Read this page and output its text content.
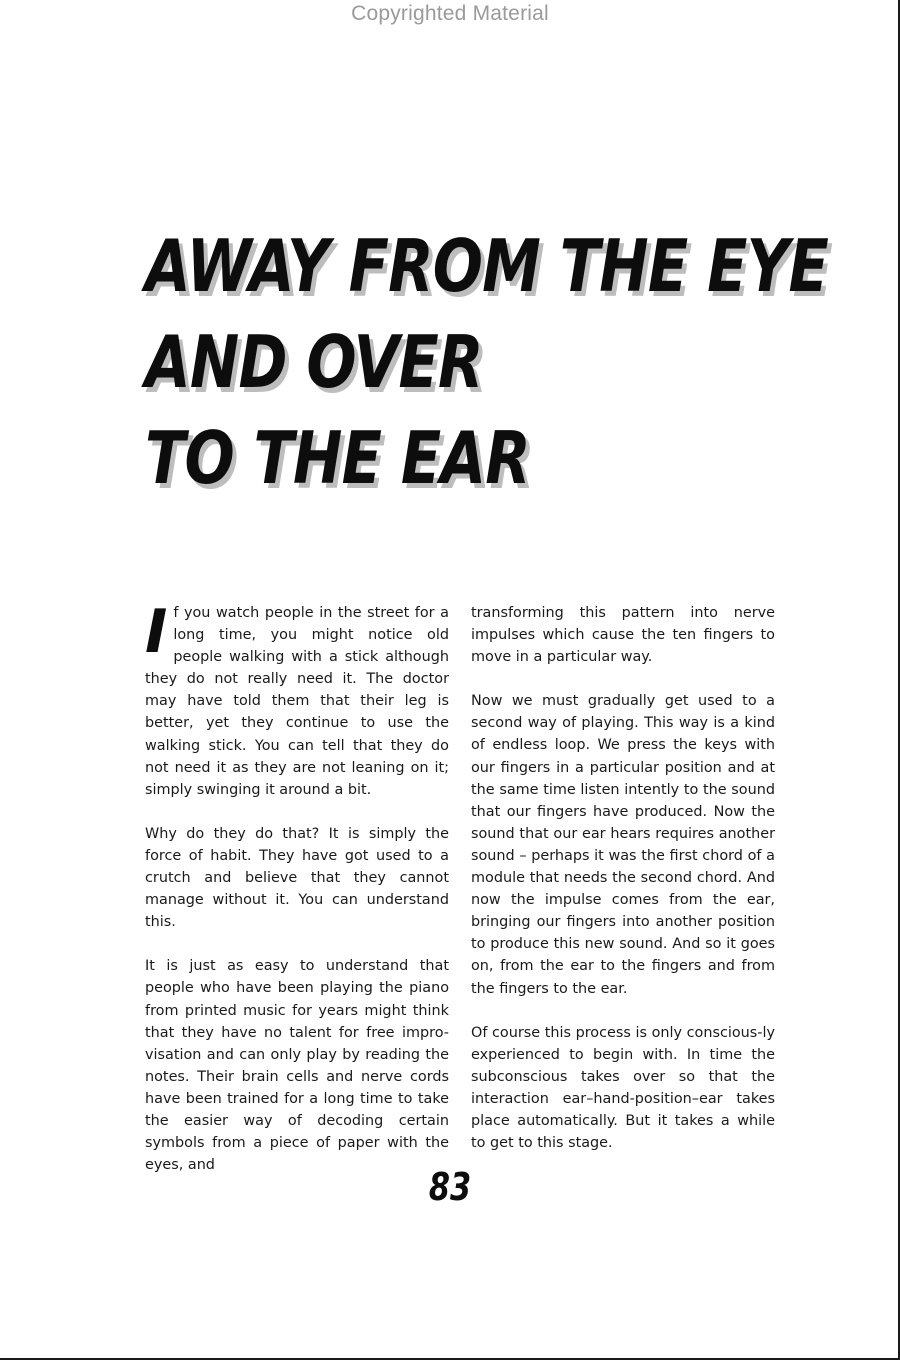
Copyrighted Material
AWAY FROM THE EYE
AND OVER
TO THE EAR

If you watch people in the street for a long time, you might notice old people walking with a stick although they do not really need it. The doctor may have told them that their leg is better, yet they continue to use the walking stick. You can tell that they do not need it as they are not leaning on it; simply swinging it around a bit.

Why do they do that? It is simply the force of habit. They have got used to a crutch and believe that they cannot manage without it. You can understand this.

It is just as easy to understand that people who have been playing the piano from printed music for years might think that they have no talent for free impro-visation and can only play by reading the notes. Their brain cells and nerve cords have been trained for a long time to take the easier way of decoding certain symbols from a piece of paper with the eyes, and

transforming this pattern into nerve impulses which cause the ten fingers to move in a particular way.

Now we must gradually get used to a second way of playing. This way is a kind of endless loop. We press the keys with our fingers in a particular position and at the same time listen intently to the sound that our fingers have produced. Now the sound that our ear hears requires another sound – perhaps it was the first chord of a module that needs the second chord. And now the impulse comes from the ear, bringing our fingers into another position to produce this new sound. And so it goes on, from the ear to the fingers and from the fingers to the ear.

Of course this process is only conscious-ly experienced to begin with. In time the subconscious takes over so that the interaction ear–hand-position–ear takes place automatically. But it takes a while to get to this stage.

83
